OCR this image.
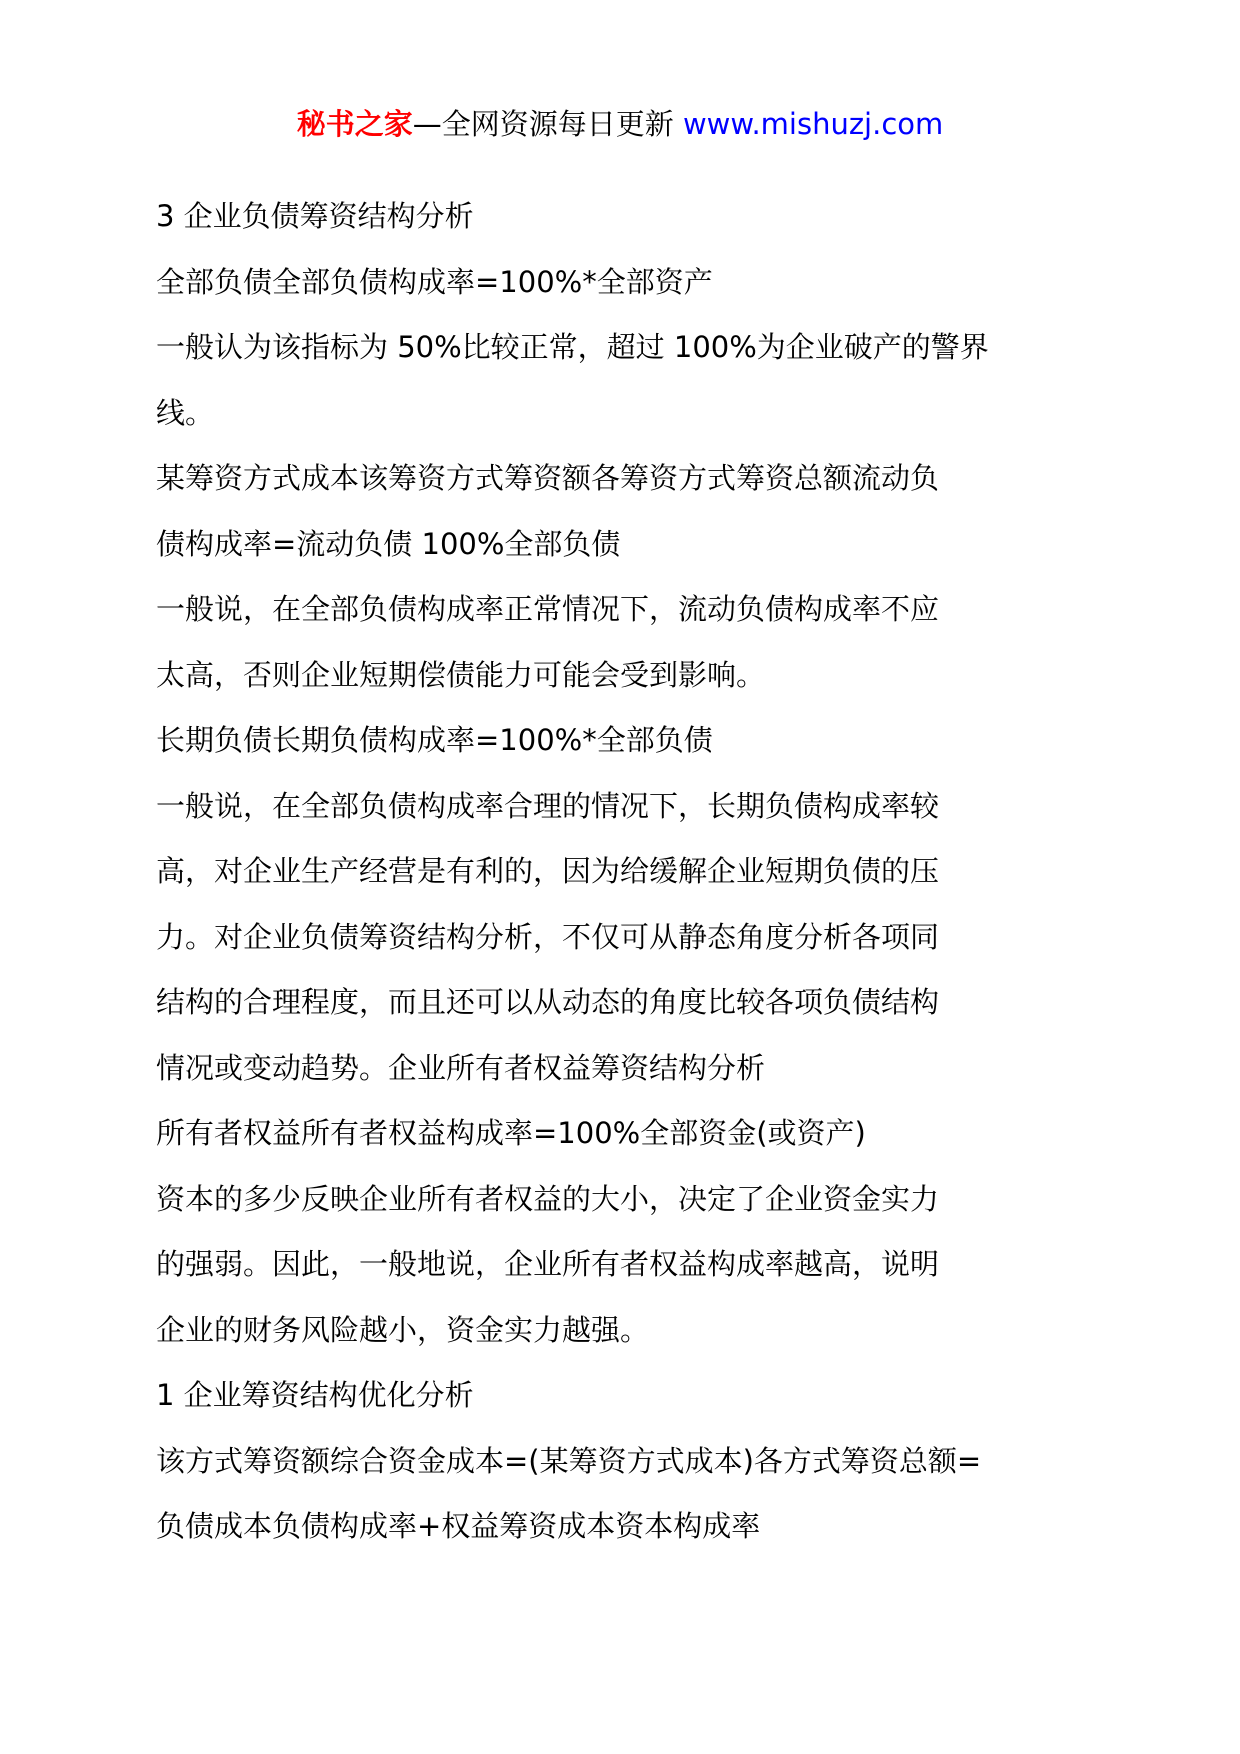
秘书之家—全网资源每日更新 www.mishuzj.com
3 企业负债筹资结构分析
全部负债全部负债构成率=100%*全部资产
一般认为该指标为 50%比较正常，超过 100%为企业破产的警界
线。
某筹资方式成本该筹资方式筹资额各筹资方式筹资总额流动负
债构成率=流动负债 100%全部负债
一般说，在全部负债构成率正常情况下，流动负债构成率不应
太高，否则企业短期偿债能力可能会受到影响。
长期负债长期负债构成率=100%*全部负债
一般说，在全部负债构成率合理的情况下，长期负债构成率较
高，对企业生产经营是有利的，因为给缓解企业短期负债的压
力。对企业负债筹资结构分析，不仅可从静态角度分析各项同
结构的合理程度，而且还可以从动态的角度比较各项负债结构
情况或变动趋势。企业所有者权益筹资结构分析
所有者权益所有者权益构成率=100%全部资金(或资产)
资本的多少反映企业所有者权益的大小，决定了企业资金实力
的强弱。因此，一般地说，企业所有者权益构成率越高，说明
企业的财务风险越小，资金实力越强。
1 企业筹资结构优化分析
该方式筹资额综合资金成本=(某筹资方式成本)各方式筹资总额=
负债成本负债构成率+权益筹资成本资本构成率
